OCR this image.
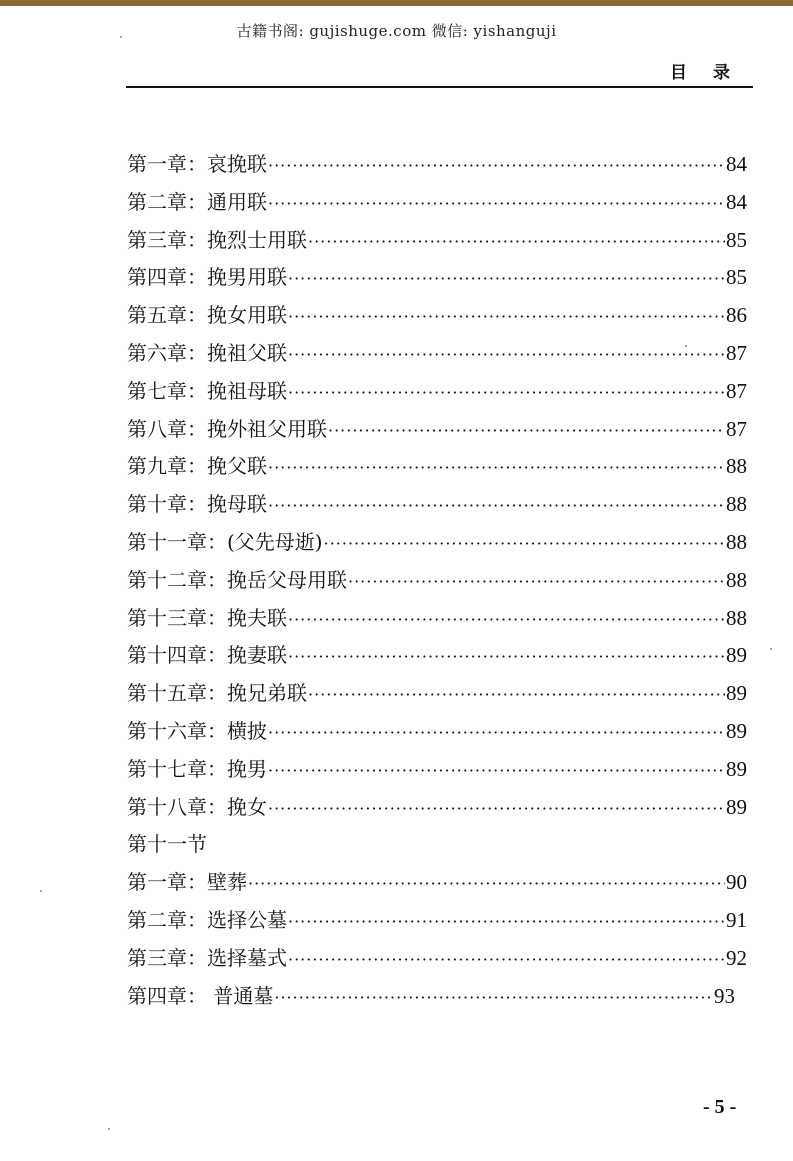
古籍书阁: gujishuge.com 微信: yishanguji
目录
第一章：哀挽联 ·····	84
第二章：通用联 ·····	84
第三章：挽烈士用联 ·····	85
第四章：挽男用联 ·····	85
第五章：挽女用联 ·····	86
第六章：挽祖父联 ·····	87
第七章：挽祖母联 ·····	87
第八章：挽外祖父用联 ·····	87
第九章：挽父联 ·····	88
第十章：挽母联 ·····	88
第十一章：(父先母逝) ·····	88
第十二章：挽岳父母用联 ·····	88
第十三章：挽夫联 ·····	88
第十四章：挽妻联 ·····	89
第十五章：挽兄弟联 ·····	89
第十六章：横披 ·····	89
第十七章：挽男 ·····	89
第十八章：挽女 ·····	89
第十一节
第一章：壁葬 ·····	90
第二章：选择公墓 ·····	91
第三章：选择墓式 ·····	92
第四章： 普通墓 ·····	93
- 5 -
